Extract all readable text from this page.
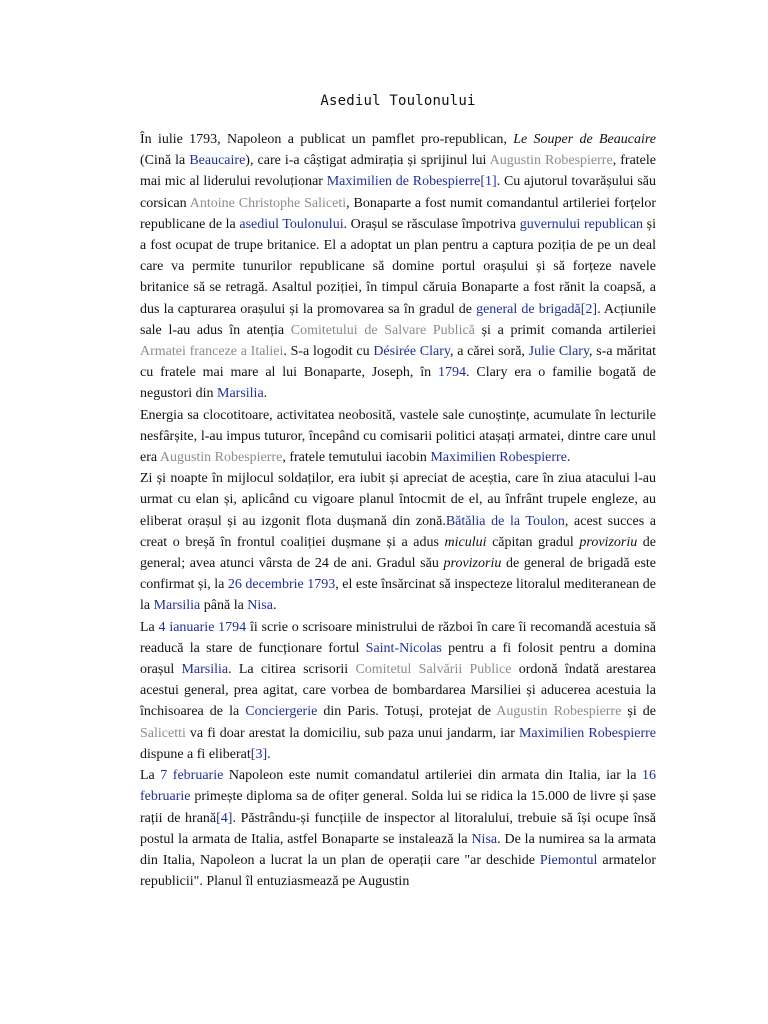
Asediul Toulonului

În iulie 1793, Napoleon a publicat un pamflet pro-republican, Le Souper de Beaucaire (Cină la Beaucaire), care i-a câștigat admirația și sprijinul lui Augustin Robespierre, fratele mai mic al liderului revoluționar Maximilien de Robespierre[1]. Cu ajutorul tovarășului său corsican Antoine Christophe Saliceti, Bonaparte a fost numit comandantul artileriei forțelor republicane de la asediul Toulonului. Orașul se răsculase împotriva guvernului republican și a fost ocupat de trupe britanice. El a adoptat un plan pentru a captura poziția de pe un deal care va permite tunurilor republicane să domine portul orașului și să forțeze navele britanice să se retragă. Asaltul poziției, în timpul căruia Bonaparte a fost rănit la coapsă, a dus la capturarea orașului și la promovarea sa în gradul de general de brigadă[2]. Acțiunile sale l-au adus în atenția Comitetului de Salvare Publică și a primit comanda artileriei Armatei franceze a Italiei. S-a logodit cu Désirée Clary, a cărei soră, Julie Clary, s-a măritat cu fratele mai mare al lui Bonaparte, Joseph, în 1794. Clary era o familie bogată de negustori din Marsilia.

Energia sa clocotitoare, activitatea neobosită, vastele sale cunoștințe, acumulate în lecturile nesfârșite, l-au impus tuturor, începând cu comisarii politici atașați armatei, dintre care unul era Augustin Robespierre, fratele temutului iacobin Maximilien Robespierre.

Zi și noapte în mijlocul soldaților, era iubit și apreciat de aceștia, care în ziua atacului l-au urmat cu elan și, aplicând cu vigoare planul întocmit de el, au înfrânt trupele engleze, au eliberat orașul și au izgonit flota dușmană din zonă.Bătălia de la Toulon, acest succes a creat o breșă în frontul coaliției dușmane și a adus micului căpitan gradul provizoriu de general; avea atunci vârsta de 24 de ani. Gradul său provizoriu de general de brigadă este confirmat și, la 26 decembrie 1793, el este însărcinat să inspecteze litoralul mediteranean de la Marsilia până la Nisa.

La 4 ianuarie 1794 îi scrie o scrisoare ministrului de război în care îi recomandă acestuia să readucă la stare de funcționare fortul Saint-Nicolas pentru a fi folosit pentru a domina orașul Marsilia. La citirea scrisorii Comitetul Salvării Publice ordonă îndată arestarea acestui general, prea agitat, care vorbea de bombardarea Marsiliei și aducerea acestuia la închisoarea de la Conciergerie din Paris. Totuși, protejat de Augustin Robespierre și de Salicetti va fi doar arestat la domiciliu, sub paza unui jandarm, iar Maximilien Robespierre dispune a fi eliberat[3].

La 7 februarie Napoleon este numit comandatul artileriei din armata din Italia, iar la 16 februarie primește diploma sa de ofițer general. Solda lui se ridica la 15.000 de livre și șase rații de hrană[4]. Păstrându-și funcțiile de inspector al litoralului, trebuie să își ocupe însă postul la armata de Italia, astfel Bonaparte se instalează la Nisa. De la numirea sa la armata din Italia, Napoleon a lucrat la un plan de operații care "ar deschide Piemontul armatelor republicii". Planul îl entuziasmează pe Augustin
